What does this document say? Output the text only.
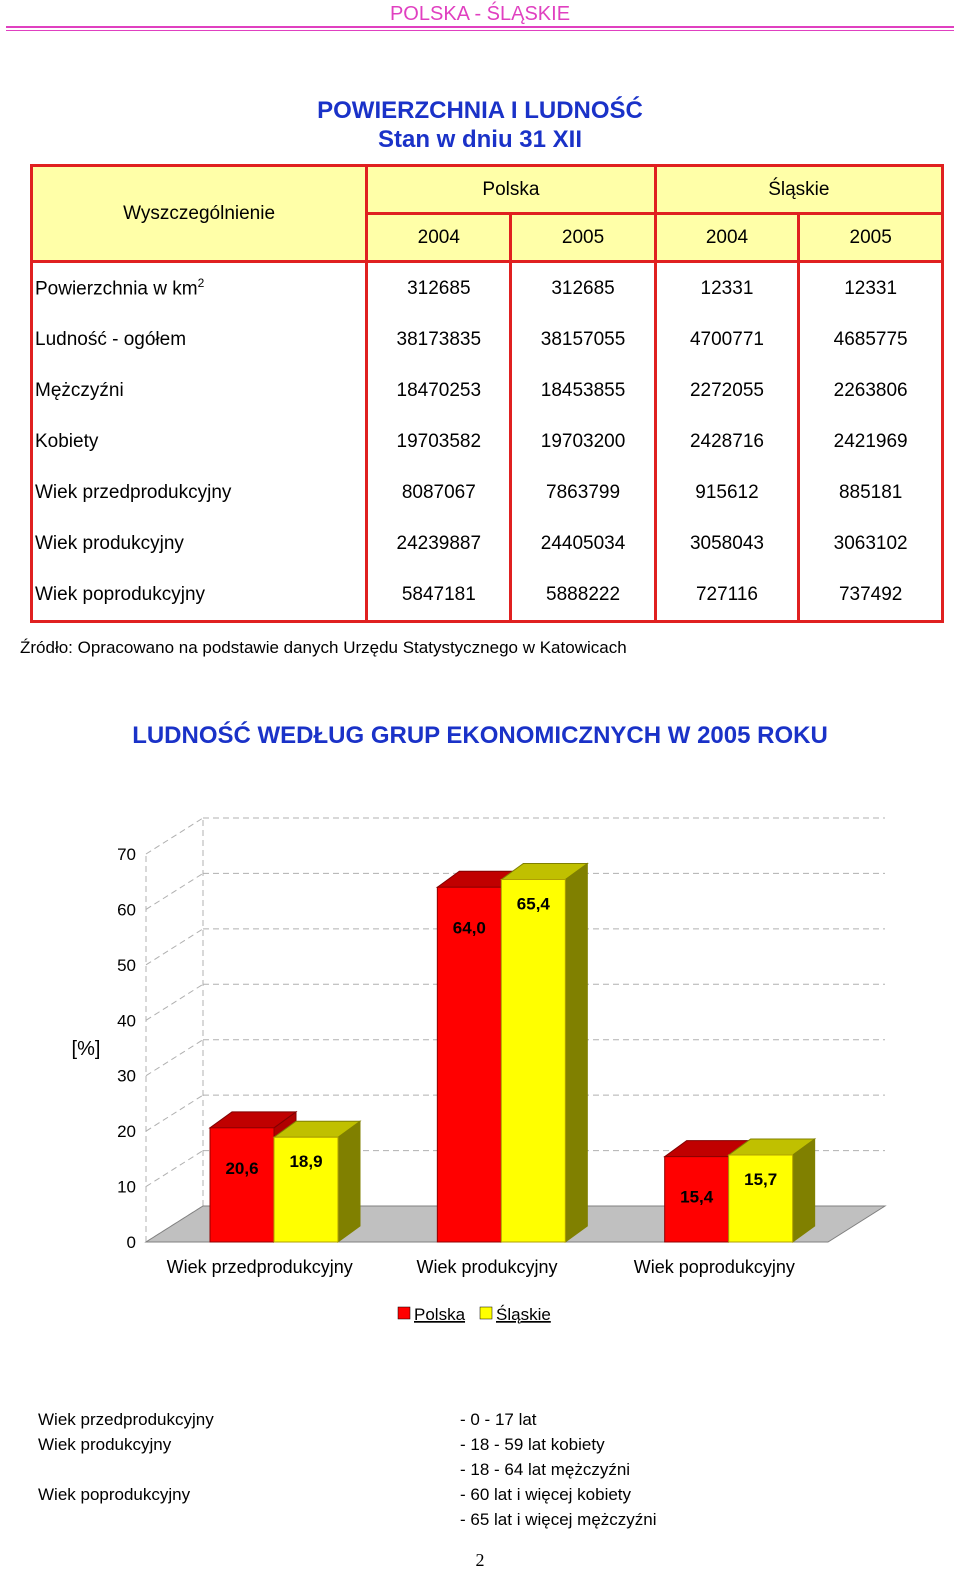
POLSKA - ŚLĄSKIE
POWIERZCHNIA I LUDNOŚĆ
Stan w dniu 31 XII
Wyszczególnienie	Polska		Śląskie	
	2004	2005	2004	2005
Powierzchnia w $km^2$	312685	312685	12331	12331
Ludność - ogółem	38173835	38157055	4700771	4685775
Mężczyźni	18470253	18453855	2272055	2263806
Kobiety	19703582	19703200	2428716	2421969
Wiek przedprodukcyjny	8087067	7863799	915612	885181
Wiek produkcyjny	24239887	24405034	3058043	3063102
Wiek poprodukcyjny	5847181	5888222	727116	737492
Źródło: Opracowano na podstawie danych Urzędu Statystycznego w Katowicach
LUDNOŚĆ WEDŁUG GRUP EKONOMICZNYCH W 2005 ROKU
0
10
20
30
40
50
60
70
[%]
20,6 18,9
Wiek przedprodukcyjny
64,0
65,4
Wiek produkcyjny
15,4
15,7
Wiek poprodukcyjny
Polska Śląskie
Wiek przedprodukcyjny	- 0 - 17 lat
Wiek produkcyjny	- 18 - 59 lat kobiety
- 18 - 64 lat mężczyźni
Wiek poprodukcyjny	- 60 lat i więcej kobiety
- 65 lat i więcej mężczyźni
2
